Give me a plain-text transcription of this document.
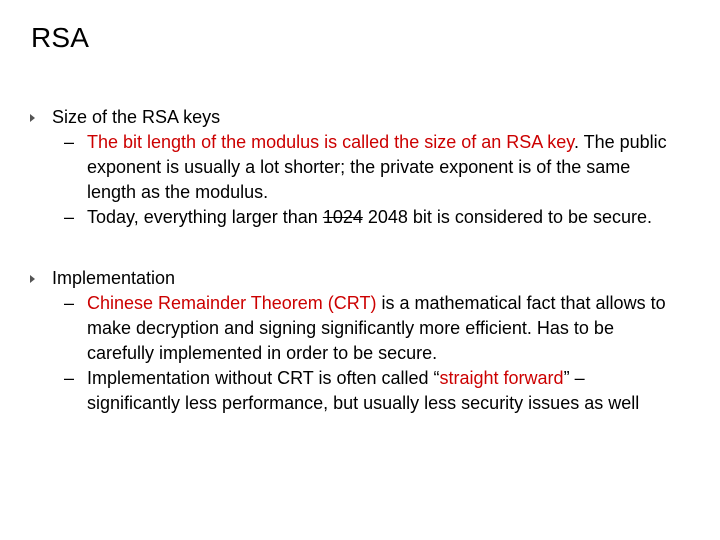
RSA
Size of the RSA keys
– The bit length of the modulus is called the size of an RSA key. The public exponent is usually a lot shorter; the private exponent is of the same length as the modulus.
– Today, everything larger than 1024 2048 bit is considered to be secure.
Implementation
– Chinese Remainder Theorem (CRT) is a mathematical fact that allows to make decryption and signing significantly more efficient. Has to be carefully implemented in order to be secure.
– Implementation without CRT is often called “straight forward” – significantly less performance, but usually less security issues as well
